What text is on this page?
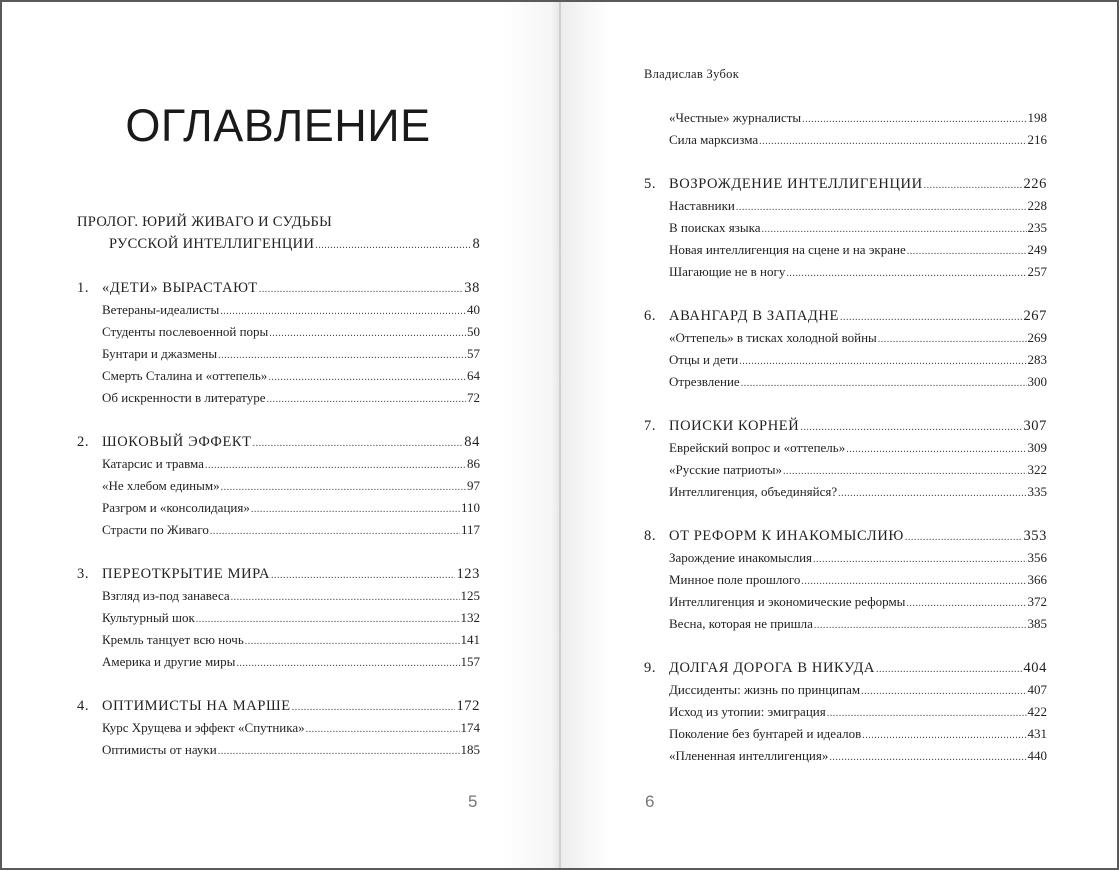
ОГЛАВЛЕНИЕ
ПРОЛОГ. ЮРИЙ ЖИВАГО И СУДЬБЫ
РУССКОЙ ИНТЕЛЛИГЕНЦИИ .....	8
1. «ДЕТИ» ВЫРАСТАЮТ .....	38
Ветераны-идеалисты .....	40
Студенты послевоенной поры .....	50
Бунтари и джазмены .....	57
Смерть Сталина и «оттепель» .....	64
Об искренности в литературе .....	72
2. ШОКОВЫЙ ЭФФЕКТ .....	84
Катарсис и травма .....	86
«Не хлебом единым» .....	97
Разгром и «консолидация» .....	110
Страсти по Живаго .....	117
3. ПЕРЕОТКРЫТИЕ МИРА .....	123
Взгляд из-под занавеса .....	125
Культурный шок .....	132
Кремль танцует всю ночь .....	141
Америка и другие миры .....	157
4. ОПТИМИСТЫ НА МАРШЕ .....	172
Курс Хрущева и эффект «Спутника» .....	174
Оптимисты от науки .....	185
5
Владислав Зубок
«Честные» журналисты .....	198
Сила марксизма .....	216
5. ВОЗРОЖДЕНИЕ ИНТЕЛЛИГЕНЦИИ .....	226
Наставники .....	228
В поисках языка .....	235
Новая интеллигенция на сцене и на экране .....	249
Шагающие не в ногу .....	257
6. АВАНГАРД В ЗАПАДНЕ .....	267
«Оттепель» в тисках холодной войны .....	269
Отцы и дети .....	283
Отрезвление .....	300
7. ПОИСКИ КОРНЕЙ .....	307
Еврейский вопрос и «оттепель» .....	309
«Русские патриоты» .....	322
Интеллигенция, объединяйся? .....	335
8. ОТ РЕФОРМ К ИНАКОМЫСЛИЮ .....	353
Зарождение инакомыслия .....	356
Минное поле прошлого .....	366
Интеллигенция и экономические реформы .....	372
Весна, которая не пришла .....	385
9. ДОЛГАЯ ДОРОГА В НИКУДА .....	404
Диссиденты: жизнь по принципам .....	407
Исход из утопии: эмиграция .....	422
Поколение без бунтарей и идеалов .....	431
«Плененная интеллигенция» .....	440
6
